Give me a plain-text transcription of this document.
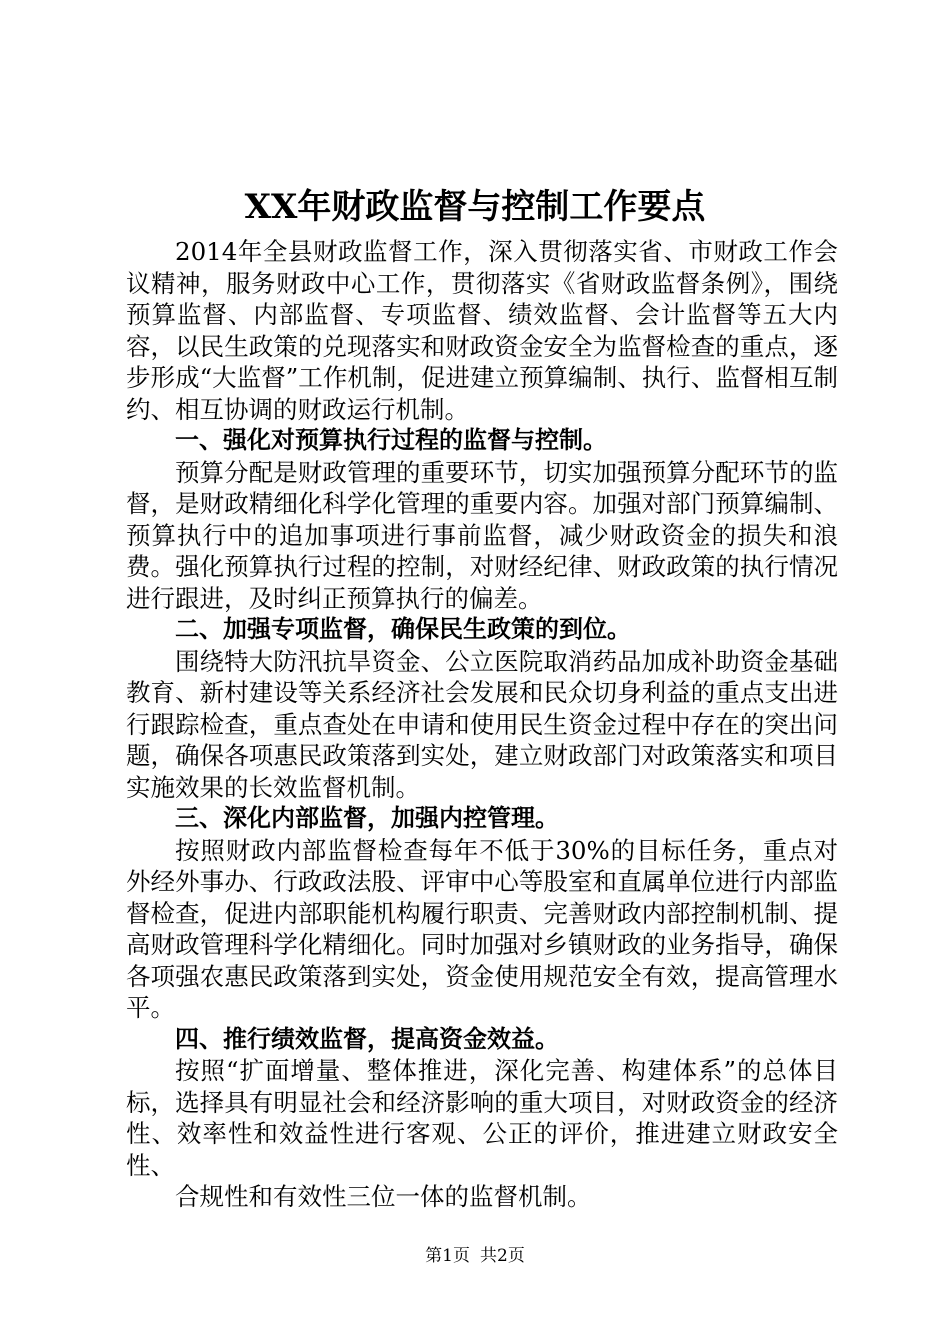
XX年财政监督与控制工作要点

2014年全县财政监督工作，深入贯彻落实省、市财政工作会议精神，服务财政中心工作，贯彻落实《省财政监督条例》，围绕预算监督、内部监督、专项监督、绩效监督、会计监督等五大内容，以民生政策的兑现落实和财政资金安全为监督检查的重点，逐步形成“大监督”工作机制，促进建立预算编制、执行、监督相互制约、相互协调的财政运行机制。

一、强化对预算执行过程的监督与控制。

预算分配是财政管理的重要环节，切实加强预算分配环节的监督，是财政精细化科学化管理的重要内容。加强对部门预算编制、预算执行中的追加事项进行事前监督，减少财政资金的损失和浪费。强化预算执行过程的控制，对财经纪律、财政政策的执行情况进行跟进，及时纠正预算执行的偏差。

二、加强专项监督，确保民生政策的到位。

围绕特大防汛抗旱资金、公立医院取消药品加成补助资金基础教育、新村建设等关系经济社会发展和民众切身利益的重点支出进行跟踪检查，重点查处在申请和使用民生资金过程中存在的突出问题，确保各项惠民政策落到实处，建立财政部门对政策落实和项目实施效果的长效监督机制。

三、深化内部监督，加强内控管理。

按照财政内部监督检查每年不低于30%的目标任务，重点对外经外事办、行政政法股、评审中心等股室和直属单位进行内部监督检查，促进内部职能机构履行职责、完善财政内部控制机制、提高财政管理科学化精细化。同时加强对乡镇财政的业务指导，确保各项强农惠民政策落到实处，资金使用规范安全有效，提高管理水平。

四、推行绩效监督，提高资金效益。

按照“扩面增量、整体推进，深化完善、构建体系”的总体目标，选择具有明显社会和经济影响的重大项目，对财政资金的经济性、效率性和效益性进行客观、公正的评价，推进建立财政安全性、

合规性和有效性三位一体的监督机制。

第1页 共2页
